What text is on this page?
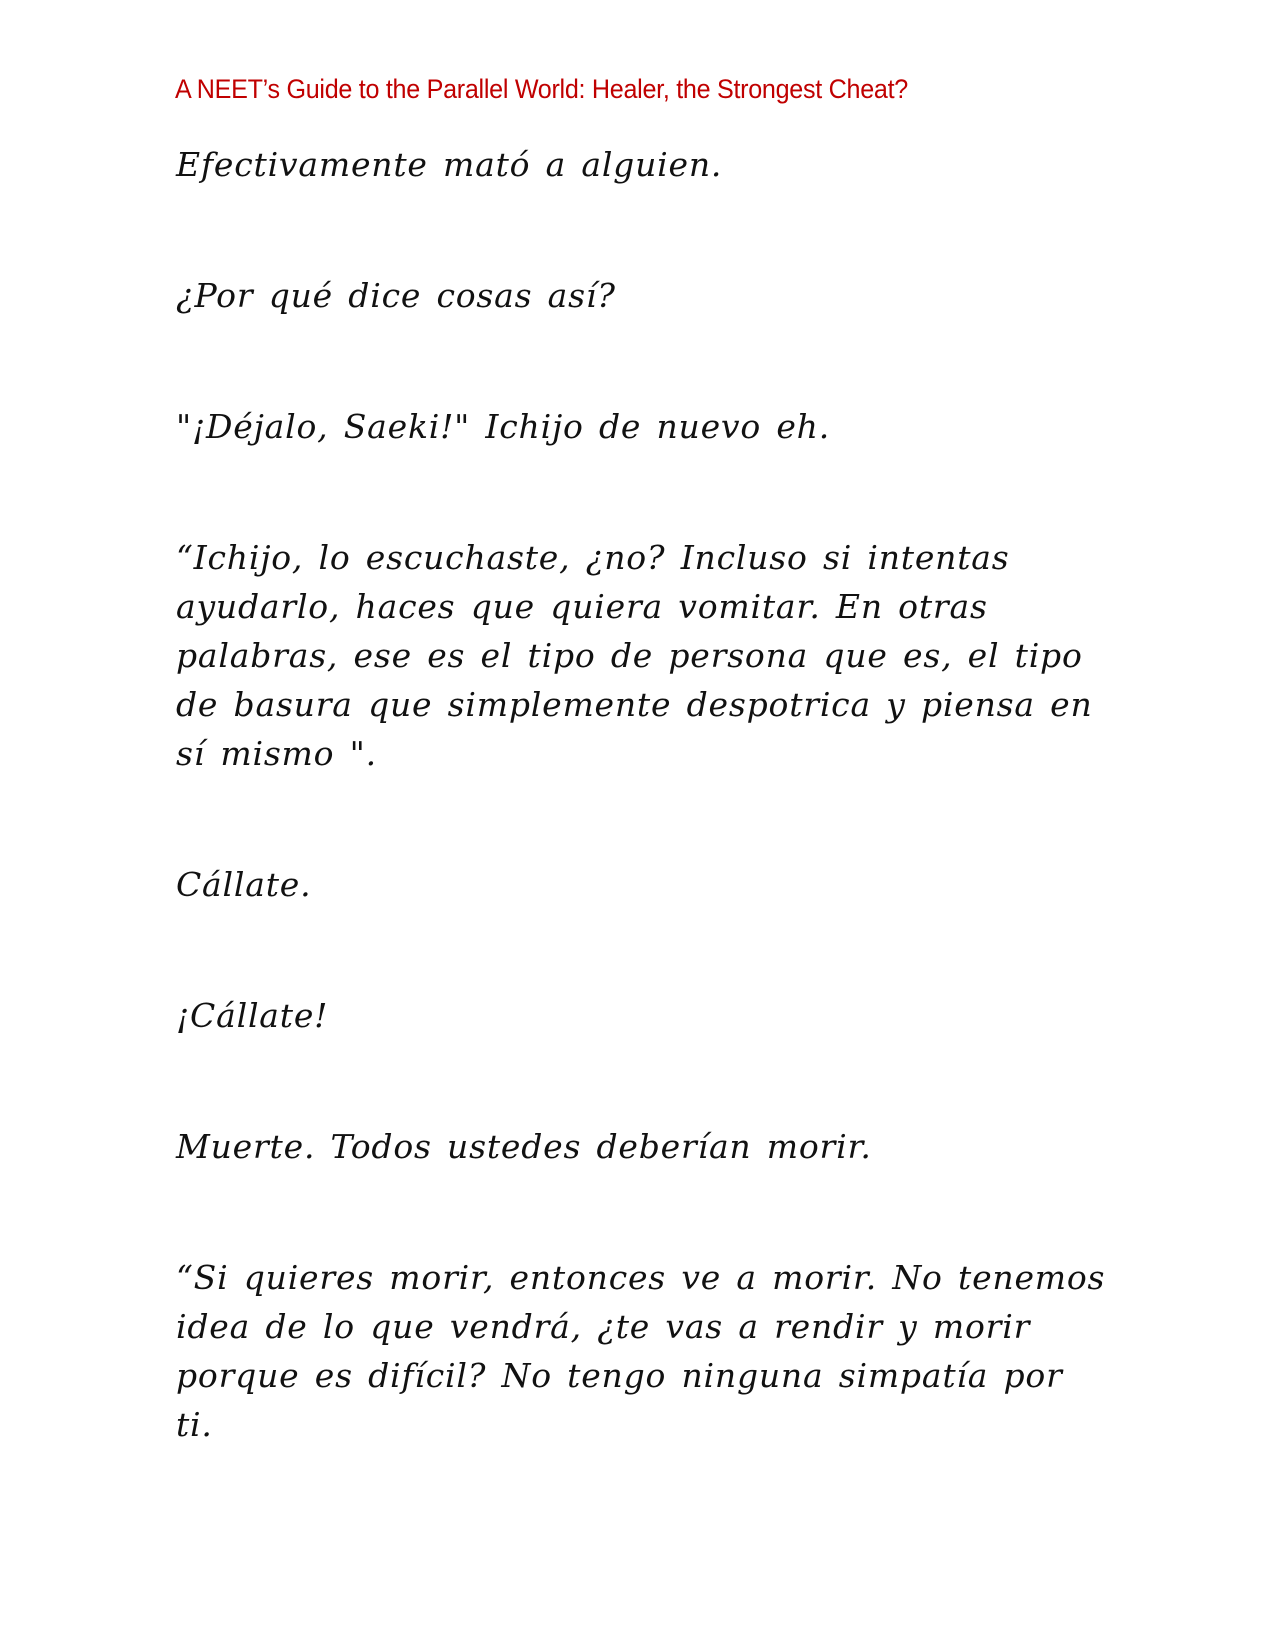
A NEET’s Guide to the Parallel World: Healer, the Strongest Cheat?

Efectivamente mató a alguien.

¿Por qué dice cosas así?

"¡Déjalo, Saeki!" Ichijo de nuevo eh.

“Ichijo, lo escuchaste, ¿no? Incluso si intentas ayudarlo, haces que quiera vomitar. En otras palabras, ese es el tipo de persona que es, el tipo de basura que simplemente despotrica y piensa en sí mismo ".

Cállate.

¡Cállate!

Muerte. Todos ustedes deberían morir.

“Si quieres morir, entonces ve a morir. No tenemos idea de lo que vendrá, ¿te vas a rendir y morir porque es difícil? No tengo ninguna simpatía por ti.
